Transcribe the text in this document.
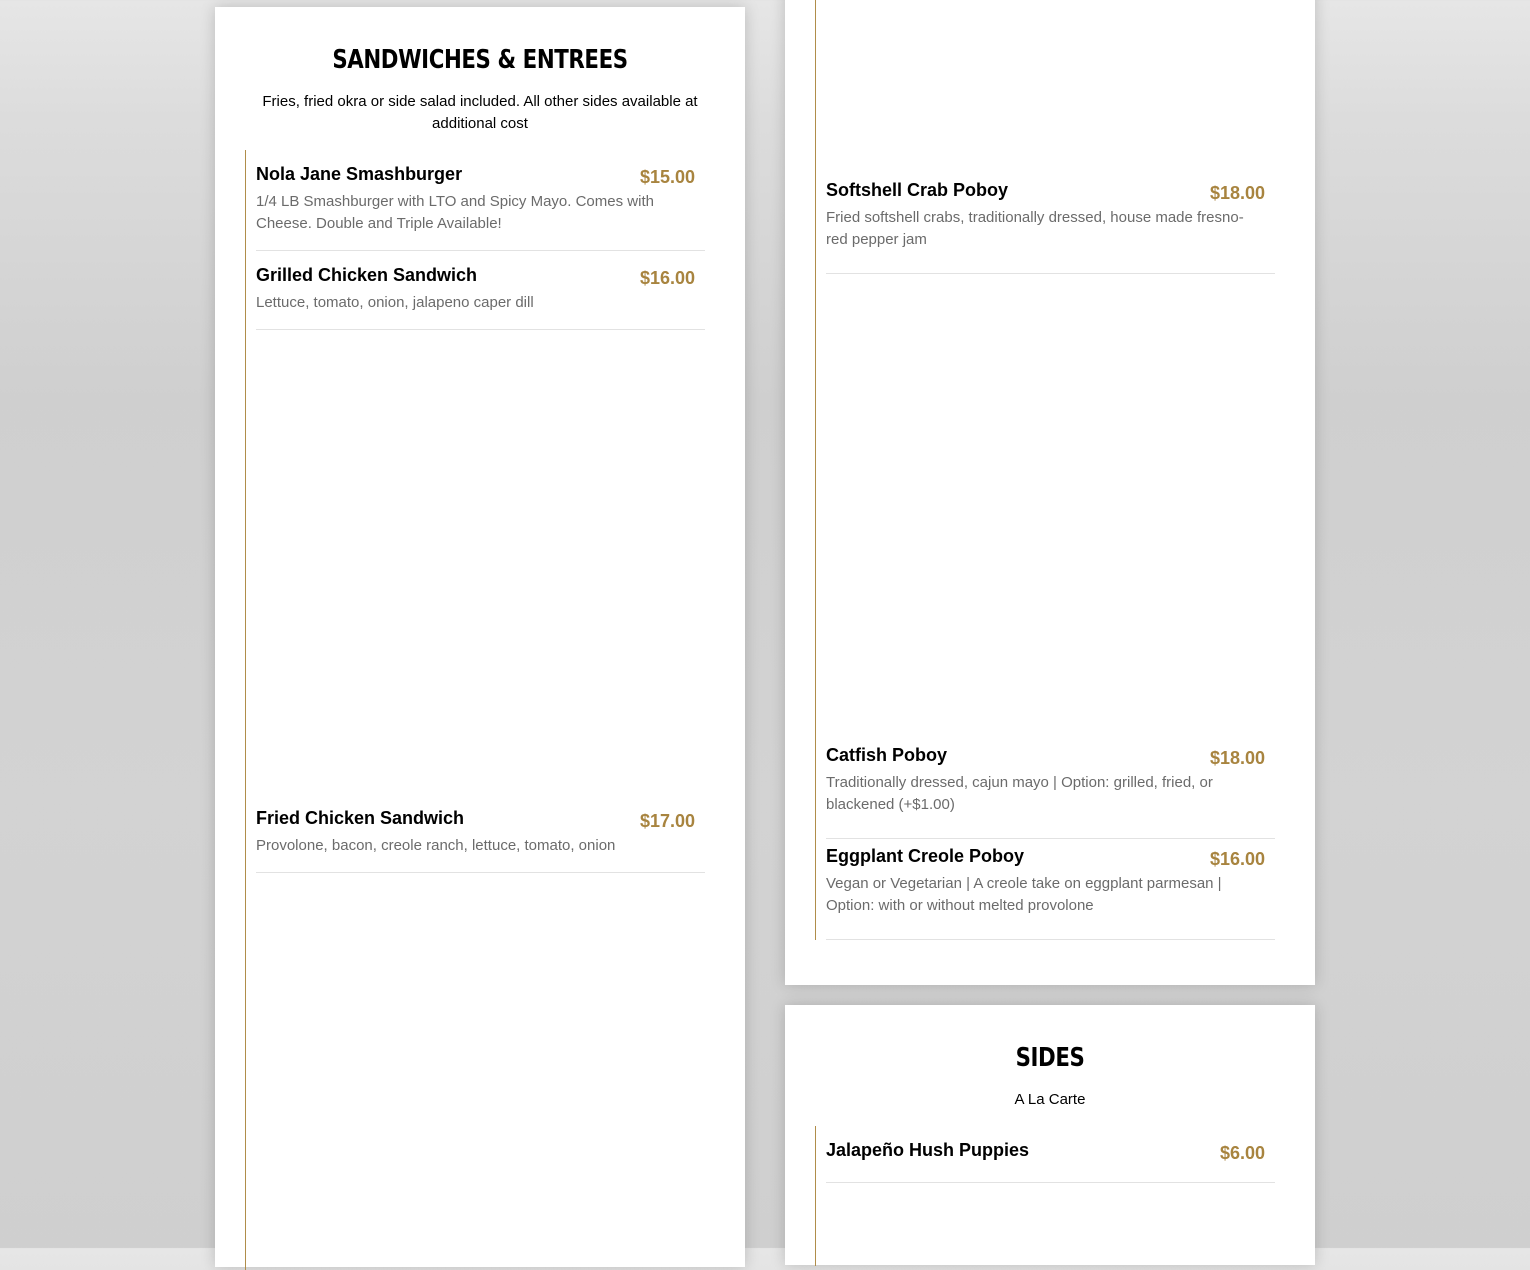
SANDWICHES & ENTREES
Fries, fried okra or side salad included. All other sides available at additional cost
Nola Jane Smashburger	$15.00
1/4 LB Smashburger with LTO and Spicy Mayo. Comes with Cheese. Double and Triple Available!
Grilled Chicken Sandwich	$16.00
Lettuce, tomato, onion, jalapeno caper dill
Fried Chicken Sandwich	$17.00
Provolone, bacon, creole ranch, lettuce, tomato, onion
Softshell Crab Poboy	$18.00
Fried softshell crabs, traditionally dressed, house made fresno-red pepper jam
Catfish Poboy	$18.00
Traditionally dressed, cajun mayo | Option: grilled, fried, or blackened (+$1.00)
Eggplant Creole Poboy	$16.00
Vegan or Vegetarian | A creole take on eggplant parmesan | Option: with or without melted provolone
SIDES
A La Carte
Jalapeño Hush Puppies	$6.00
